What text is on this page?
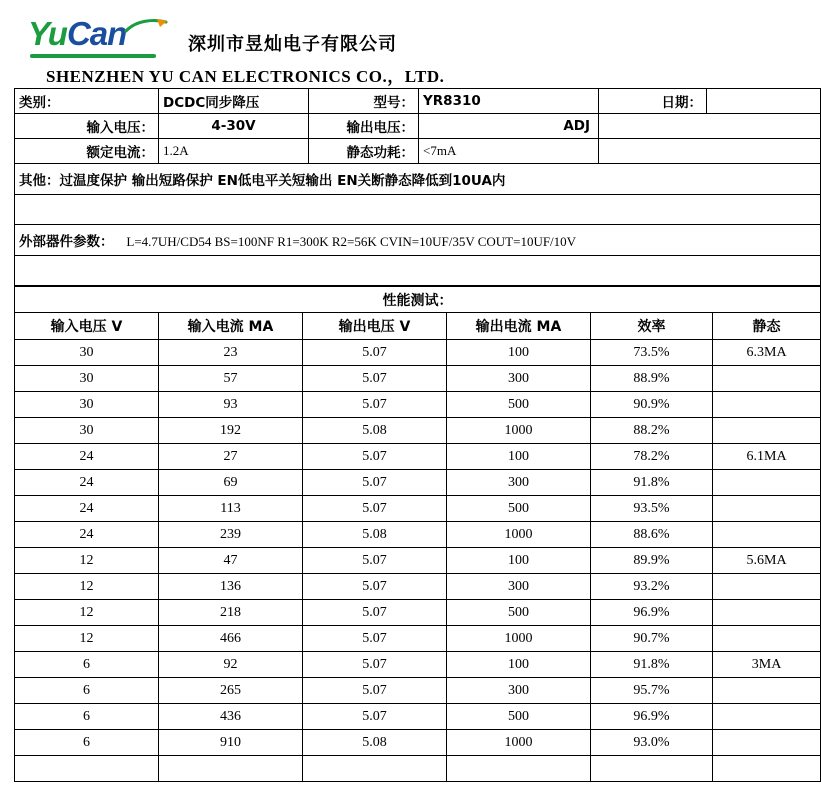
YuCan	深圳市昱灿电子有限公司
SHENZHEN YU CAN ELECTRONICS CO.，LTD.
类别：	DCDC同步降压	型号：	YR8310	日期：	
输入电压：	4-30V	输出电压：	ADJ		
额定电流：	1.2A	静态功耗：	<7mA		
其他：过温度保护 输出短路保护 EN低电平关短输出 EN关断静态降低到10UA内					

外部器件参数： L=4.7UH/CD54 BS=100NF R1=300K R2=56K CVIN=10UF/35V COUT=10UF/10V					

性能测试：					
输入电压 V	输入电流 MA	输出电压 V	输出电流 MA	效率	静态
30	23	5.07	100	73.5%	6.3MA
30	57	5.07	300	88.9%	
30	93	5.07	500	90.9%	
30	192	5.08	1000	88.2%	
24	27	5.07	100	78.2%	6.1MA
24	69	5.07	300	91.8%	
24	113	5.07	500	93.5%	
24	239	5.08	1000	88.6%	
12	47	5.07	100	89.9%	5.6MA
12	136	5.07	300	93.2%	
12	218	5.07	500	96.9%	
12	466	5.07	1000	90.7%	
6	92	5.07	100	91.8%	3MA
6	265	5.07	300	95.7%	
6	436	5.07	500	96.9%	
6	910	5.08	1000	93.0%	
